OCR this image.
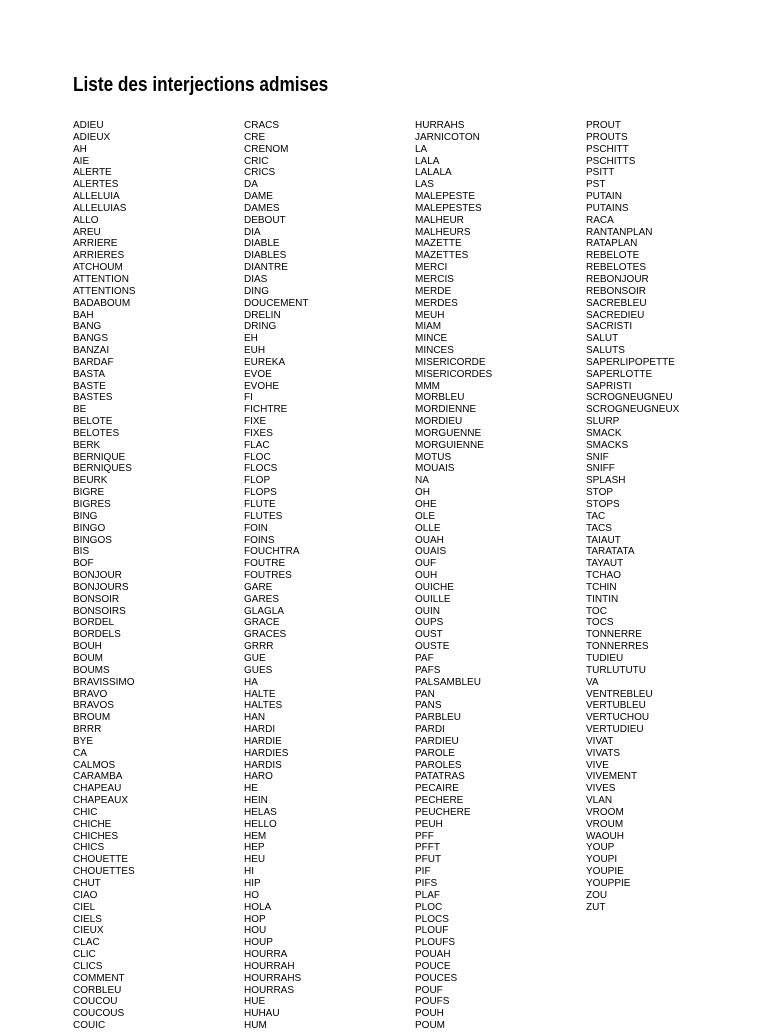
Liste des interjections admises
ADIEU
ADIEUX
AH
AIE
ALERTE
ALERTES
ALLELUIA
ALLELUIAS
ALLO
AREU
ARRIERE
ARRIERES
ATCHOUM
ATTENTION
ATTENTIONS
BADABOUM
BAH
BANG
BANGS
BANZAI
BARDAF
BASTA
BASTE
BASTES
BE
BELOTE
BELOTES
BERK
BERNIQUE
BERNIQUES
BEURK
BIGRE
BIGRES
BING
BINGO
BINGOS
BIS
BOF
BONJOUR
BONJOURS
BONSOIR
BONSOIRS
BORDEL
BORDELS
BOUH
BOUM
BOUMS
BRAVISSIMO
BRAVO
BRAVOS
BROUM
BRRR
BYE
CA
CALMOS
CARAMBA
CHAPEAU
CHAPEAUX
CHIC
CHICHE
CHICHES
CHICS
CHOUETTE
CHOUETTES
CHUT
CIAO
CIEL
CIELS
CIEUX
CLAC
CLIC
CLICS
COMMENT
CORBLEU
COUCOU
COUCOUS
COUIC
CRACS
CRE
CRENOM
CRIC
CRICS
DA
DAME
DAMES
DEBOUT
DIA
DIABLE
DIABLES
DIANTRE
DIAS
DING
DOUCEMENT
DRELIN
DRING
EH
EUH
EUREKA
EVOE
EVOHE
FI
FICHTRE
FIXE
FIXES
FLAC
FLOC
FLOCS
FLOP
FLOPS
FLUTE
FLUTES
FOIN
FOINS
FOUCHTRA
FOUTRE
FOUTRES
GARE
GARES
GLAGLA
GRACE
GRACES
GRRR
GUE
GUES
HA
HALTE
HALTES
HAN
HARDI
HARDIE
HARDIES
HARDIS
HARO
HE
HEIN
HELAS
HELLO
HEM
HEP
HEU
HI
HIP
HO
HOLA
HOP
HOU
HOUP
HOURRA
HOURRAH
HOURRAHS
HOURRAS
HUE
HUHAU
HUM
HURRAHS
JARNICOTON
LA
LALA
LALALA
LAS
MALEPESTE
MALEPESTES
MALHEUR
MALHEURS
MAZETTE
MAZETTES
MERCI
MERCIS
MERDE
MERDES
MEUH
MIAM
MINCE
MINCES
MISERICORDE
MISERICORDES
MMM
MORBLEU
MORDIENNE
MORDIEU
MORGUENNE
MORGUIENNE
MOTUS
MOUAIS
NA
OH
OHE
OLE
OLLE
OUAH
OUAIS
OUF
OUH
OUICHE
OUILLE
OUIN
OUPS
OUST
OUSTE
PAF
PAFS
PALSAMBLEU
PAN
PANS
PARBLEU
PARDI
PARDIEU
PAROLE
PAROLES
PATATRAS
PECAIRE
PECHERE
PEUCHERE
PEUH
PFF
PFFT
PFUT
PIF
PIFS
PLAF
PLOC
PLOCS
PLOUF
PLOUFS
POUAH
POUCE
POUCES
POUF
POUFS
POUH
POUM
PROUT
PROUTS
PSCHITT
PSCHITTS
PSITT
PST
PUTAIN
PUTAINS
RACA
RANTANPLAN
RATAPLAN
REBELOTE
REBELOTES
REBONJOUR
REBONSOIR
SACREBLEU
SACREDIEU
SACRISTI
SALUT
SALUTS
SAPERLIPOPETTE
SAPERLOTTE
SAPRISTI
SCROGNEUGNEU
SCROGNEUGNEUX
SLURP
SMACK
SMACKS
SNIF
SNIFF
SPLASH
STOP
STOPS
TAC
TACS
TAIAUT
TARATATA
TAYAUT
TCHAO
TCHIN
TINTIN
TOC
TOCS
TONNERRE
TONNERRES
TUDIEU
TURLUTUTU
VA
VENTREBLEU
VERTUBLEU
VERTUCHOU
VERTUDIEU
VIVAT
VIVATS
VIVE
VIVEMENT
VIVES
VLAN
VROOM
VROUM
WAOUH
YOUP
YOUPI
YOUPIE
YOUPPIE
ZOU
ZUT
